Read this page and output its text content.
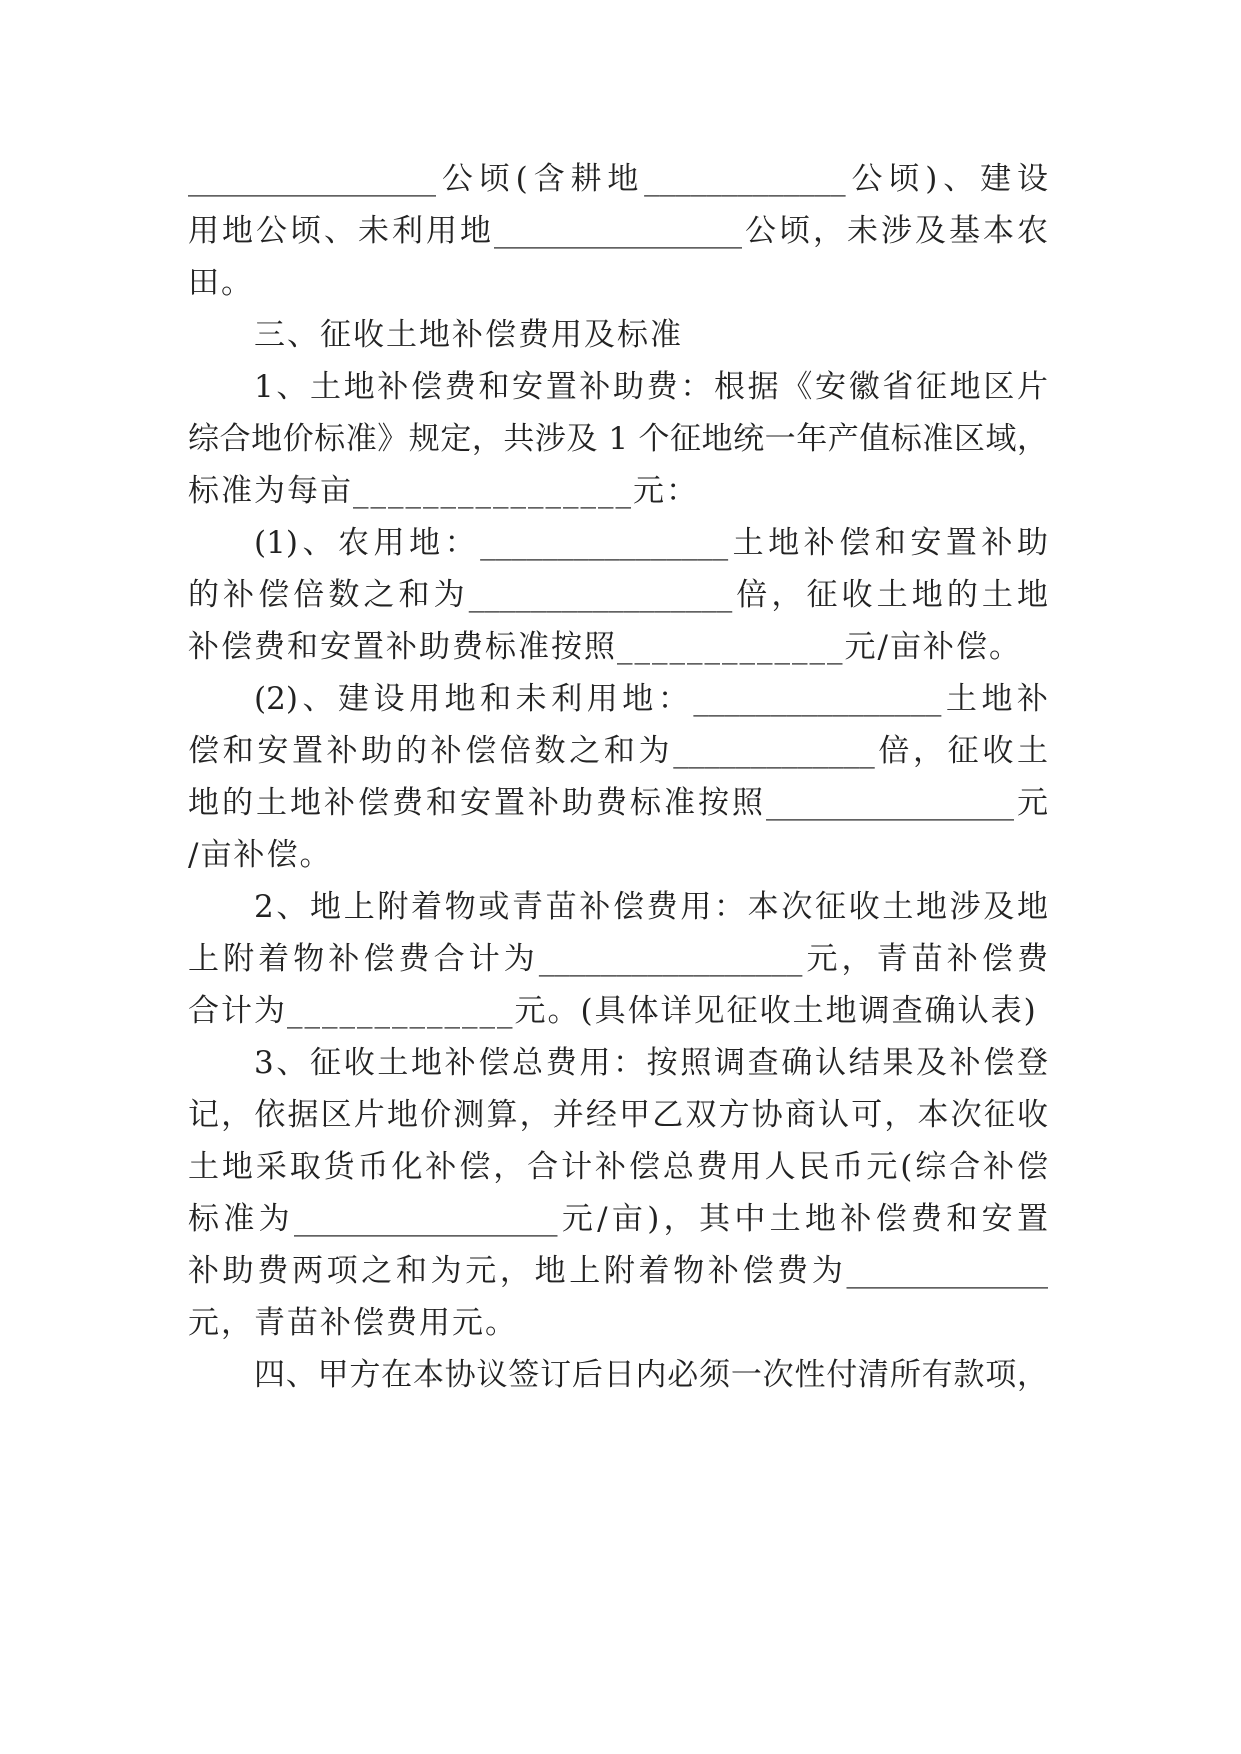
________________公顷(含耕地_____________公顷)、建设
用地公顷、未利用地________________公顷，未涉及基本农
田。
三、征收土地补偿费用及标准
1、土地补偿费和安置补助费：根据《安徽省征地区片
综合地价标准》规定，共涉及 1 个征地统一年产值标准区域，
标准为每亩________________元：
(1)、农用地：________________土地补偿和安置补助
的补偿倍数之和为_________________倍，征收土地的土地
补偿费和安置补助费标准按照_____________元/亩补偿。
(2)、建设用地和未利用地：________________土地补
偿和安置补助的补偿倍数之和为_____________倍，征收土
地的土地补偿费和安置补助费标准按照________________元
/亩补偿。
2、地上附着物或青苗补偿费用：本次征收土地涉及地
上附着物补偿费合计为_________________元，青苗补偿费
合计为_____________元。(具体详见征收土地调查确认表)
3、征收土地补偿总费用：按照调查确认结果及补偿登
记，依据区片地价测算，并经甲乙双方协商认可，本次征收
土地采取货币化补偿，合计补偿总费用人民币元(综合补偿
标准为_________________元/亩)，其中土地补偿费和安置
补助费两项之和为元，地上附着物补偿费为_____________
元，青苗补偿费用元。
四、甲方在本协议签订后日内必须一次性付清所有款项，
